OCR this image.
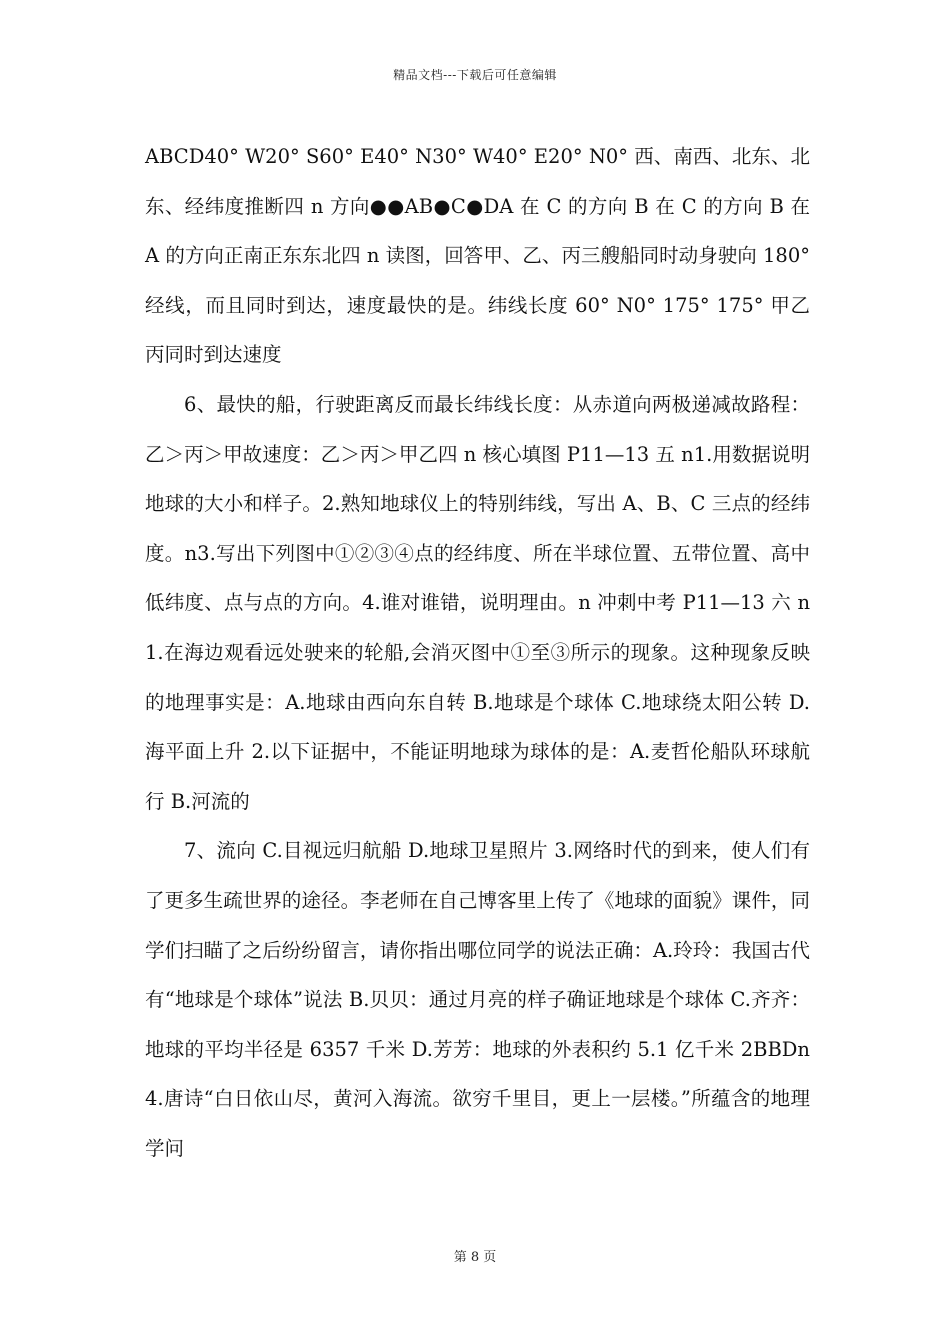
精品文档---下载后可任意编辑

ABCD40° W20° S60° E40° N30° W40° E20° N0° 西、南西、北东、北东、经纬度推断四 n 方向●●AB●C●DA 在 C 的方向 B 在 C 的方向 B 在 A 的方向正南正东东北四 n 读图，回答甲、乙、丙三艘船同时动身驶向 180° 经线，而且同时到达，速度最快的是。纬线长度 60° N0° 175° 175° 甲乙丙同时到达速度

6、最快的船，行驶距离反而最长纬线长度：从赤道向两极递减故路程：乙＞丙＞甲故速度：乙＞丙＞甲乙四 n 核心填图 P11—13 五 n1.用数据说明地球的大小和样子。2.熟知地球仪上的特别纬线，写出 A、B、C 三点的经纬度。n3.写出下列图中①②③④点的经纬度、所在半球位置、五带位置、高中低纬度、点与点的方向。4.谁对谁错，说明理由。n 冲刺中考 P11—13 六 n1.在海边观看远处驶来的轮船,会消灭图中①至③所示的现象。这种现象反映的地理事实是：A.地球由西向东自转 B.地球是个球体 C.地球绕太阳公转 D.海平面上升 2.以下证据中，不能证明地球为球体的是：A.麦哲伦船队环球航行 B.河流的

7、流向 C.目视远归航船 D.地球卫星照片 3.网络时代的到来，使人们有了更多生疏世界的途径。李老师在自己博客里上传了《地球的面貌》课件，同学们扫瞄了之后纷纷留言，请你指出哪位同学的说法正确：A.玲玲：我国古代有“地球是个球体”说法 B.贝贝：通过月亮的样子确证地球是个球体 C.齐齐：地球的平均半径是 6357 千米 D.芳芳：地球的外表积约 5.1 亿千米 2BBDn4.唐诗“白日依山尽，黄河入海流。欲穷千里目，更上一层楼。”所蕴含的地理学问

第 8 页
